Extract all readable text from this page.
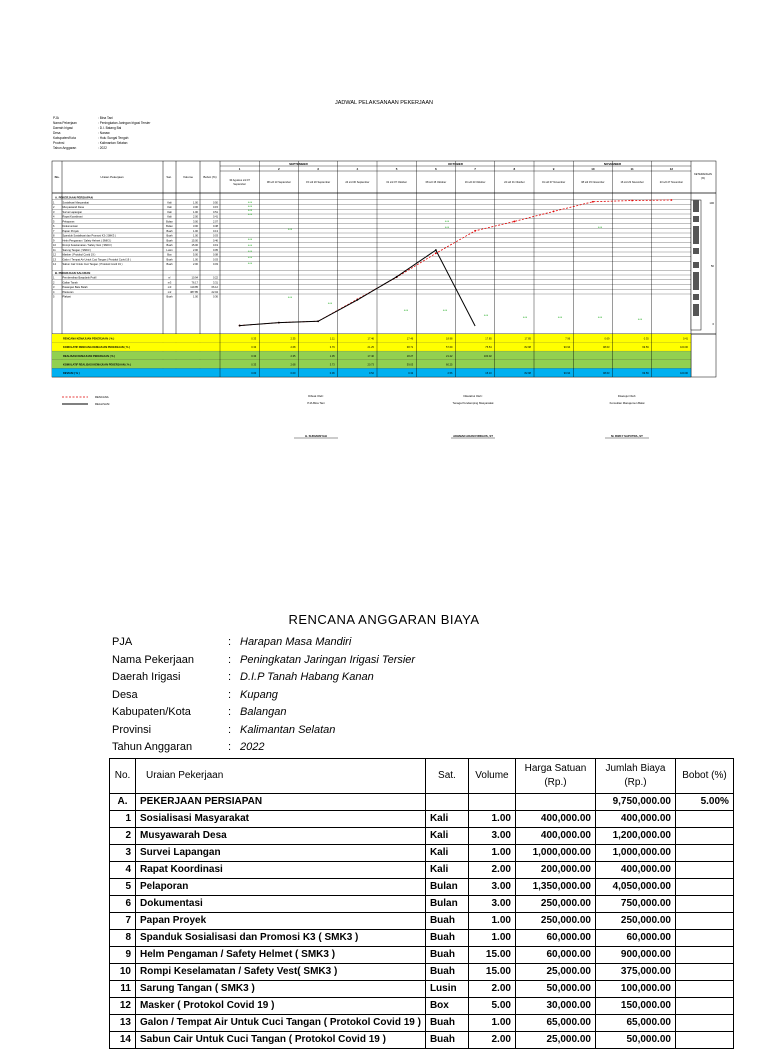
JADWAL PELAKSANAAN PEKERJAAN
PJA	: Bina Tani
Nama Pekerjaan	: Peningkatan Jaringan Irigasi Tersier
Daerah Irigasi	: D.I. Batang Bai
Desa	: Nanaw
Kabupaten/Kota	: Hulu Sungai Tengah
Provinsi	: Kalimantan Selatan
Tahun Anggaran	: 2022
SEPTEMBER	OKTOBER	NOVEMBER
1	2	3	4	5	6	7	8	9	10	11	12
30 Agustus s/d 07
September
08 s/d 13 September	15 s/d 20 September	24 s/d 30 September	01 s/d 07 Oktober	08 s/d 15 Oktober	16 s/d 23 Oktober	24 s/d 31 Oktober	01 s/d 07 November	08 s/d 15 November	16 s/d 23 November	23 s/d 27 November
No.	Uraian Pekerjaan	Sat.	Volume	Bobot (%)
KETERANGAN
(%)
A. PEKERJAAN PERSIAPAN
1	Sosialisasi Masyarakat	Kali	1.00	0.50
2	Musyawarah Desa	Kali	3.00	0.15
3	Survei Lapangan	Kali	1.00	0.51
4	Rapat Koordinasi	Kali	2.00	0.41
5	Pelaporan	Bulan	3.00	2.07
6	Dokumentasi	Bulan	3.00	0.38
7	Papan Proyek	Buah	1.00	0.13
8	Spanduk Sosialisasi dan Promosi K3 ( SMK3 )	Buah	1.00	0.03
9	Helm Pengaman / Safety Helmet ( SMK3 )	Buah	15.00	0.46
10	Rompi Keselamatan / Safety Vest ( SMK3 )	Buah	15.00	0.19
11	Sarung Tangan ( SMK3 )	Lusin	2.00	0.05
12	Masker ( Protokol Covid 19 )	Box	5.00	0.08
13	Galon / Tempat Air Untuk Cuci Tangan ( Protokol Covid 19 )	Buah	1.00	0.03
14	Sabun Cair Untuk Cuci Tangan ( Protokol Covid 19 )	Buah	2.00	0.03
B. PEKERJAAN SALURAN
1	Pembersihan Bowplank Profil	m'	10.94	0.22
2	Galian Tanah	m3	76.17	3.31
3	Pasangan Batu Belah	m3	119.85	66.12
4	Plesteran	m2	387.85	22.04
5	Plakasi	Buah	1.00	0.36
RENCANA KEMAJUAN PEKERJAAN ( % )	0.33	2.35	1.11	17.46	17.46	18.98	17.85	17.85	7.96	0.69	0.35	0.41
KOMULATIF RENCANA KEMAJUAN PEKERJAAN ( % )	0.33	2.68	3.79	21.25	38.71	57.69	75.54	82.98	90.94	98.63	99.59	100.00
REALISASI KEMAJUAN PEKERJAAN ( % )	0.33	2.35	1.05	17.40	18.27	21.22	100.02
KOMULATIF REALISASI KEMAJUAN PEKERJAAN ( % )	0.33	2.68	3.73	20.73	39.03	60.25
DEVIASI ( % )	0.00	0.00	0.06	0.52	0.32	2.56	15.10	82.98	90.94	98.63	99.59	100.00
100
50
0
0.00
0.00
0.00
0.00
0.00
0.00
0.00	0.00
0.00
0.00
0.00
0.00
0.00
0.00
0.00
0.00	0.00
0.00
0.00	0.00	0.00
0.00
RENCANA
REALISASI
Dibuat Oleh:
PJA Bina Tani
H. SUDIANSYAH
Diketahui Oleh:
Tenaga Pendamping Masyarakat
AKHMAD ADAM FIRDAUS, ST
Disetujui Oleh:
Konsultan Manajemen Balai
M. RIZKY SAPUTRA, ST
RENCANA ANGGARAN BIAYA
PJA	: Harapan Masa Mandiri
Nama Pekerjaan	: Peningkatan Jaringan Irigasi Tersier
Daerah Irigasi	: D.I.P Tanah Habang Kanan
Desa	: Kupang
Kabupaten/Kota	: Balangan
Provinsi	: Kalimantan Selatan
Tahun Anggaran	: 2022
No.	Uraian Pekerjaan	Sat.	Volume	Harga Satuan (Rp.)	Jumlah Biaya (Rp.)	Bobot (%)
A.	PEKERJAAN PERSIAPAN				9,750,000.00	5.00%
1	Sosialisasi Masyarakat	Kali	1.00	400,000.00	400,000.00	
2	Musyawarah Desa	Kali	3.00	400,000.00	1,200,000.00	
3	Survei Lapangan	Kali	1.00	1,000,000.00	1,000,000.00	
4	Rapat Koordinasi	Kali	2.00	200,000.00	400,000.00	
5	Pelaporan	Bulan	3.00	1,350,000.00	4,050,000.00	
6	Dokumentasi	Bulan	3.00	250,000.00	750,000.00	
7	Papan Proyek	Buah	1.00	250,000.00	250,000.00	
8	Spanduk Sosialisasi dan Promosi K3 ( SMK3 )	Buah	1.00	60,000.00	60,000.00	
9	Helm Pengaman / Safety Helmet ( SMK3 )	Buah	15.00	60,000.00	900,000.00	
10	Rompi Keselamatan / Safety Vest( SMK3 )	Buah	15.00	25,000.00	375,000.00	
11	Sarung Tangan ( SMK3 )	Lusin	2.00	50,000.00	100,000.00	
12	Masker ( Protokol Covid 19 )	Box	5.00	30,000.00	150,000.00	
13	Galon / Tempat Air Untuk Cuci Tangan ( Protokol Covid 19 )	Buah	1.00	65,000.00	65,000.00	
14	Sabun Cair Untuk Cuci Tangan ( Protokol Covid 19 )	Buah	2.00	25,000.00	50,000.00	
